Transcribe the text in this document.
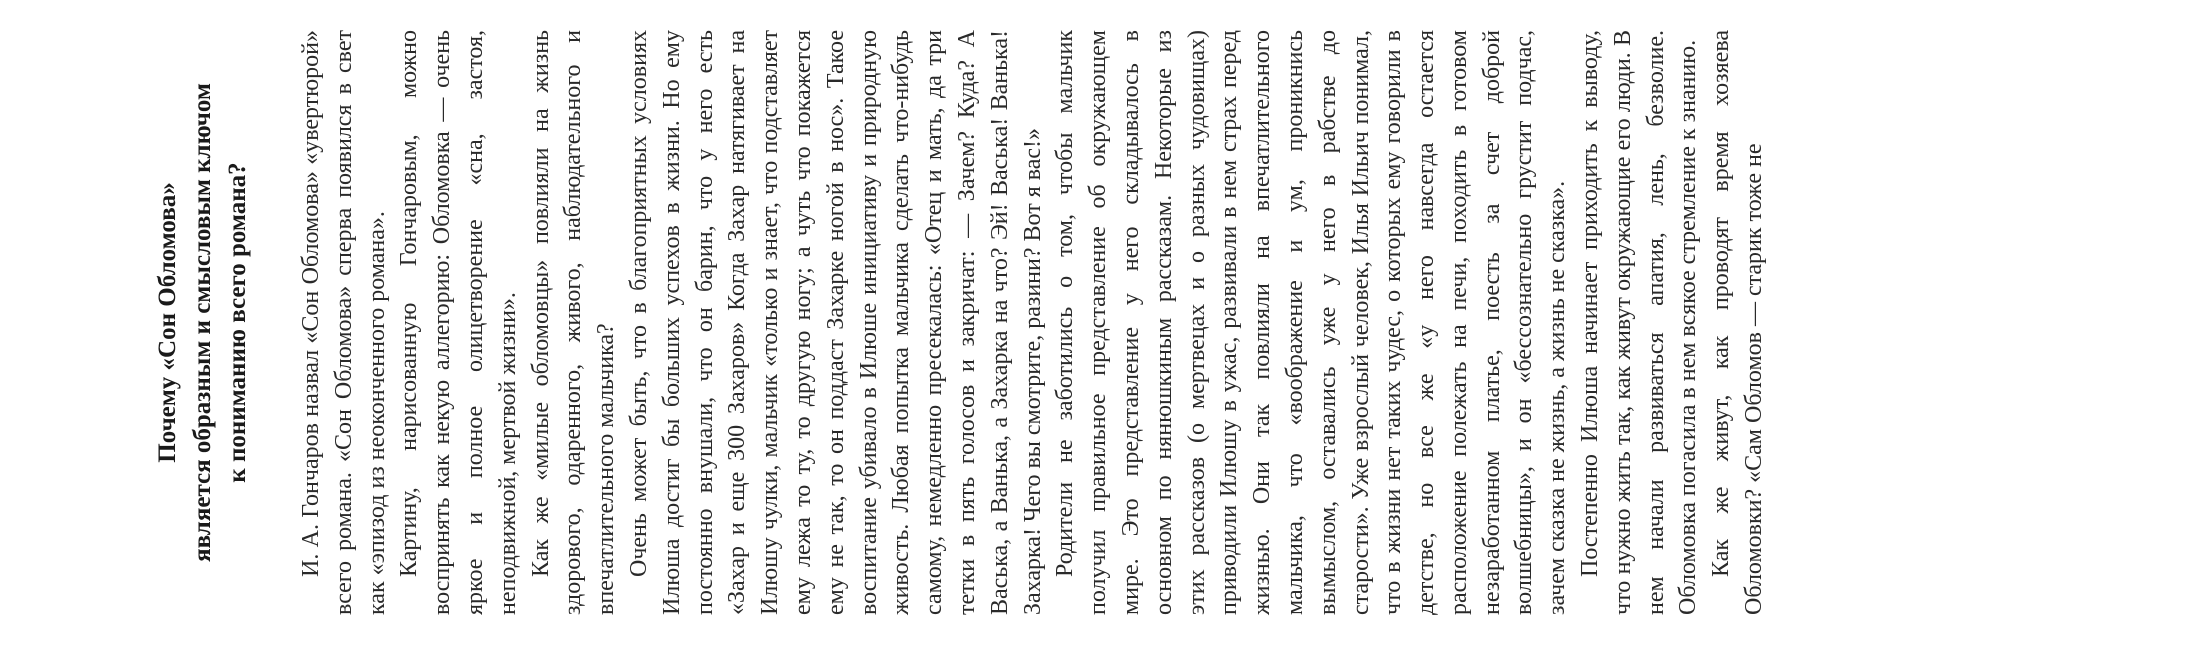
Почему «Сон Обломова» является образным и смысловым ключом к пониманию всего романа? И. А. Гончаров назвал «Сон Обломова» «увертюрой» всего романа. «Сон Обломова» сперва появился в свет как «эпизод из неоконченного романа». Картину, нарисованную Гончаровым, можно воспринять как некую аллегорию: Обломовка — очень яркое и полное олицетворение «сна, застоя, неподвижной, мертвой жизни». Как же «милые обломовцы» повлияли на жизнь здорового, одаренного, живого, наблюдательного и впечатлительного мальчика? Очень может быть, что в благоприятных условиях Илюша достиг бы больших успехов в жизни. Но ему постоянно внушали, что он барин, что у него есть «Захар и еще 300 Захаров» Когда Захар натягивает на Илюшу чулки, мальчик «только и знает, что подставляет ему лежа то ту, то другую ногу; а чуть что покажется ему не так, то он поддаст Захарке ногой в нос». Такое воспитание убивало в Илюше инициативу и природную живость. Любая попытка мальчика сделать что-нибудь самому, немедленно пресекалась: «Отец и мать, да три тетки в пять голосов и закричат: — Зачем? Куда? А Васька, а Ванька, а Захарка на что? Эй! Васька! Ванька! Захарка! Чего вы смотрите, разини? Вот я вас!» Родители не заботились о том, чтобы мальчик получил правильное представление об окружающем мире. Это представление у него складывалось в основном по нянюшкиным рассказам. Некоторые из этих рассказов (о мертвецах и о разных чудовищах) приводили Илюшу в ужас, развивали в нем страх перед жизнью. Они так повлияли на впечатлительного мальчика, что «воображение и ум, проникнись вымыслом, оставались уже у него в рабстве до старости». Уже взрослый человек, Илья Ильич понимал, что в жизни нет таких чудес, о которых ему говорили в детстве, но все же «у него навсегда остается расположение полежать на печи, походить в готовом незаработанном платье, поесть за счет доброй волшебницы», и он «бессознательно грустит подчас, зачем сказка не жизнь, а жизнь не сказка». Постепенно Илюша начинает приходить к выводу, что нужно жить так, как живут окружающие его люди. В нем начали развиваться апатия, лень, безволие. Обломовка погасила в нем всякое стремление к знанию. Как же живут, как проводят время хозяева Обломовки? «Сам Обломов — старик тоже не
